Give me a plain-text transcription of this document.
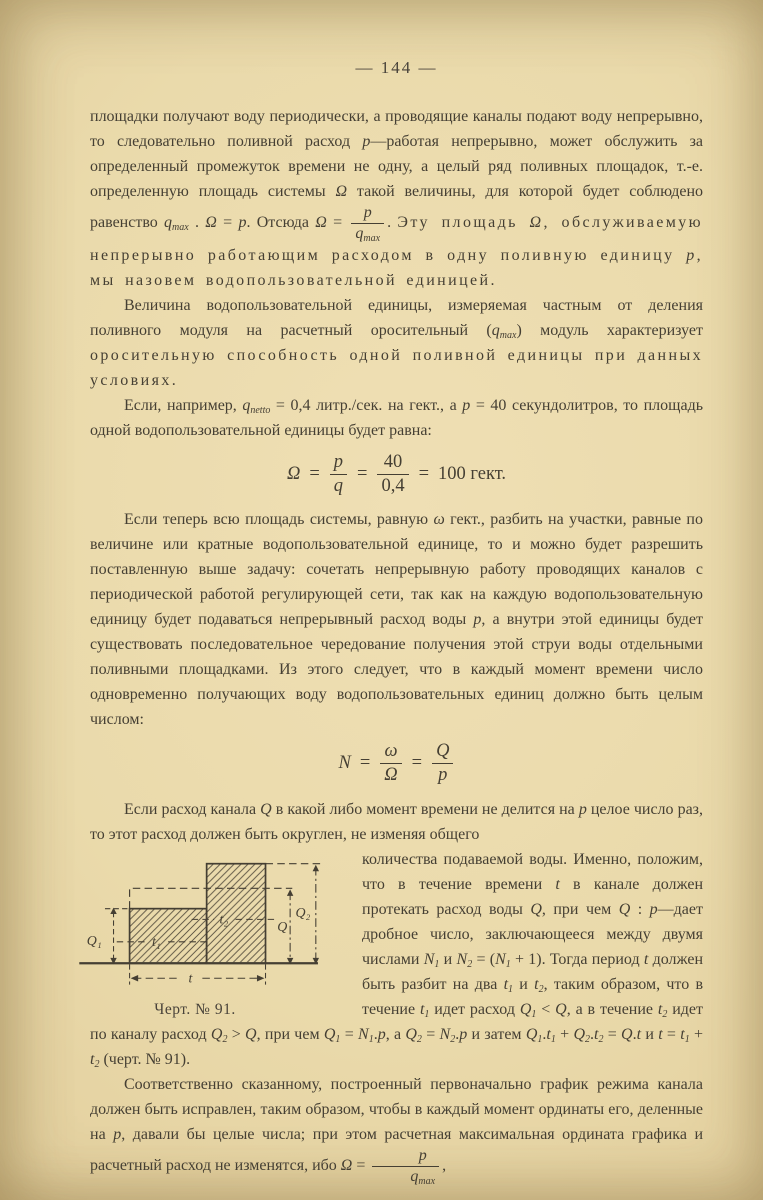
— 144 —

площадки получают воду периодически, а проводящие каналы подают воду непрерывно, то следовательно поливной расход p—работая непрерывно, может обслужить за определенный промежуток времени не одну, а целый ряд поливных площадок, т.-е. определенную площадь системы Ω такой величины, для которой будет соблюдено равенство $q_{max}$ . Ω = p. Отсюда $\Omega = \frac{p}{q_{max}}$ . Эту площадь Ω, обслуживаемую непрерывно работающим расходом в одну поливную единицу p, мы назовем водопользовательной единицей.

Величина водопользовательной единицы, измеряемая частным от деления поливного модуля на расчетный оросительный $(q_{max})$ модуль характеризует оросительную способность одной поливной единицы при данных условиях.

Если, например, $q_{netto} = 0,4$ литр./сек. на гект., а p = 40 секундолитров, то площадь одной водопользовательной единицы будет равна:

$\Omega = \frac{p}{q} = \frac{40}{0,4} = 100$ гект.

Если теперь всю площадь системы, равную ω гект., разбить на участки, равные по величине или кратные водопользовательной единице, то и можно будет разрешить поставленную выше задачу: сочетать непрерывную работу проводящих каналов с периодической работой регулирующей сети, так как на каждую водопользовательную единицу будет подаваться непрерывный расход воды p, а внутри этой единицы будет существовать последовательное чередование получения этой струи воды отдельными поливными площадками. Из этого следует, что в каждый момент времени число одновременно получающих воду водопользовательных единиц должно быть целым числом:

$N = \frac{\omega}{\Omega} = \frac{Q}{p}$

Если расход канала Q в какой либо момент времени не делится на p целое число раз, то этот расход должен быть округлен, не изменяя общего

Q₁	t₁
t₂	Q
Q₂
t
Черт. № 91.

количества подаваемой воды. Именно, положим, что в течение времени t в канале должен протекать расход воды Q, при чем Q : p—дает дробное число, заключающееся между двумя числами $N_1$ и $N_2 = (N_1 + 1)$. Тогда период t должен быть разбит на два $t_1$ и $t_2$, таким образом, что в течение $t_1$ идет расход $Q_1 < Q$, а в течение $t_2$ идет по каналу расход $Q_2 > Q$, при чем $Q_1 = N_1.p$, а $Q_2 = N_2.p$ и затем $Q_1.t_1 + Q_2.t_2 = Q.t$ и $t = t_1 + t_2$ (черт. № 91).

Соответственно сказанному, построенный первоначально график режима канала должен быть исправлен, таким образом, чтобы в каждый момент ординаты его, деленные на p, давали бы целые числа; при этом расчетная максимальная ордината графика и расчетный расход не изменятся, ибо $\Omega = \frac{p}{q_{max}}$ ,
